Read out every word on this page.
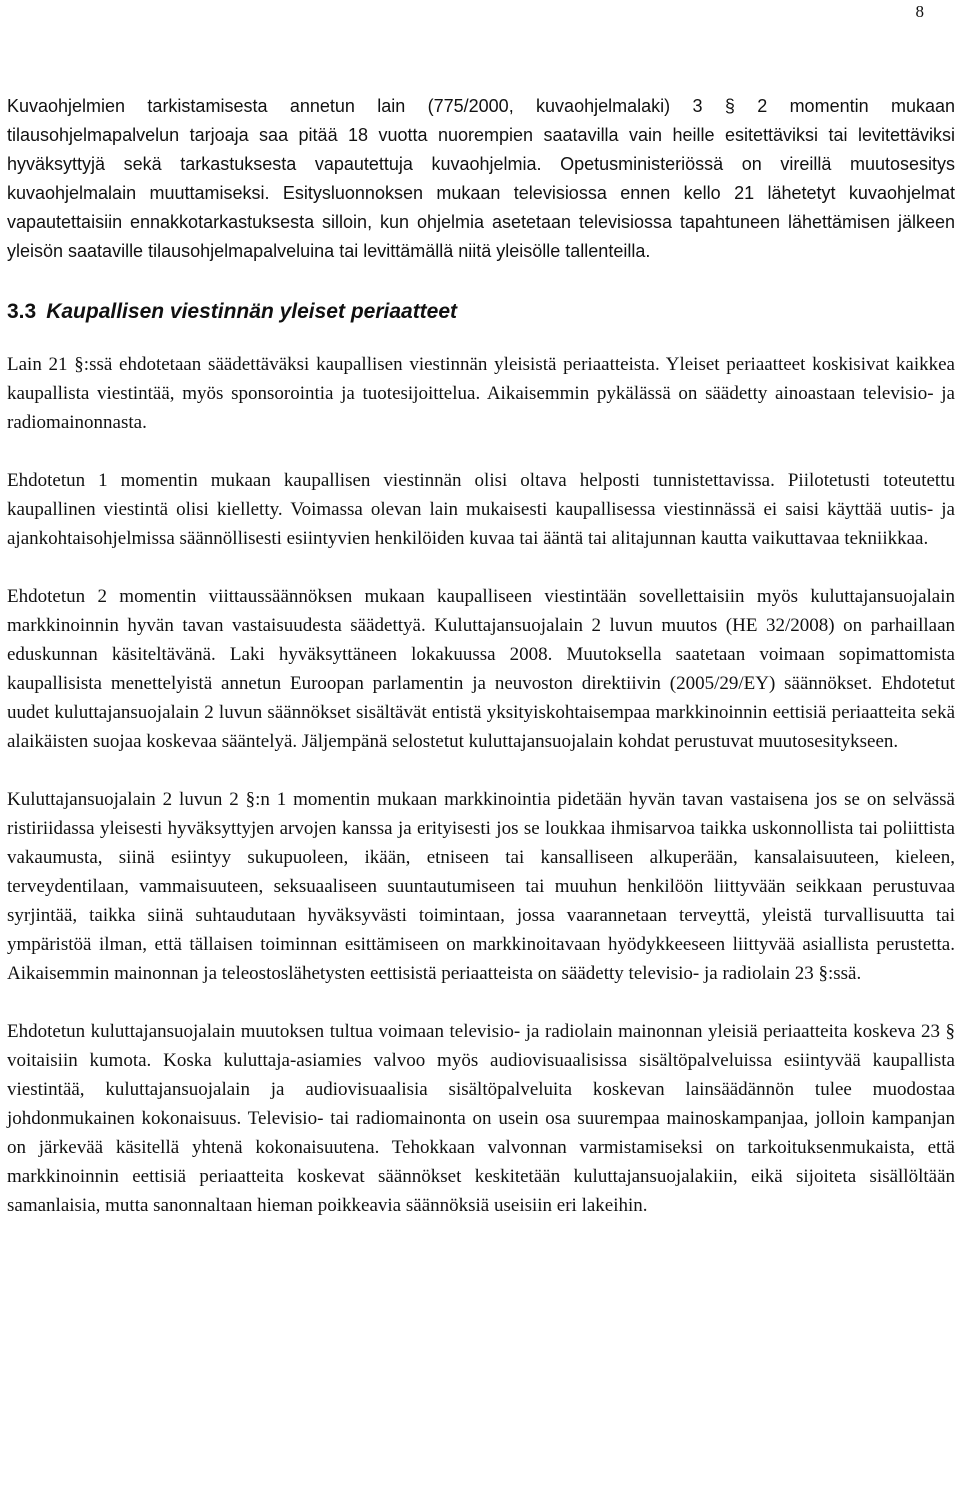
8

Kuvaohjelmien tarkistamisesta annetun lain (775/2000, kuvaohjelmalaki) 3 § 2 momentin mukaan tilausohjelmapalvelun tarjoaja saa pitää 18 vuotta nuorempien saatavilla vain heille esitettäviksi tai levitettäviksi hyväksyttyjä sekä tarkastuksesta vapautettuja kuvaohjelmia. Opetusministeriössä on vireillä muutosesitys kuvaohjelmalain muuttamiseksi. Esitysluonnoksen mukaan televisiossa ennen kello 21 lähetetyt kuvaohjelmat vapautettaisiin ennakkotarkastuksesta silloin, kun ohjelmia asetetaan televisiossa tapahtuneen lähettämisen jälkeen yleisön saataville tilausohjelmapalveluina tai levittämällä niitä yleisölle tallenteilla.

3.3 Kaupallisen viestinnän yleiset periaatteet

Lain 21 §:ssä ehdotetaan säädettäväksi kaupallisen viestinnän yleisistä periaatteista. Yleiset periaatteet koskisivat kaikkea kaupallista viestintää, myös sponsorointia ja tuotesijoittelua. Aikaisemmin pykälässä on säädetty ainoastaan televisio- ja radiomainonnasta.

Ehdotetun 1 momentin mukaan kaupallisen viestinnän olisi oltava helposti tunnistettavissa. Piilotetusti toteutettu kaupallinen viestintä olisi kielletty. Voimassa olevan lain mukaisesti kaupallisessa viestinnässä ei saisi käyttää uutis- ja ajankohtaisohjelmissa säännöllisesti esiintyvien henkilöiden kuvaa tai ääntä tai alitajunnan kautta vaikuttavaa tekniikkaa.

Ehdotetun 2 momentin viittaussäännöksen mukaan kaupalliseen viestintään sovellettaisiin myös kuluttajansuojalain markkinoinnin hyvän tavan vastaisuudesta säädettyä. Kuluttajansuojalain 2 luvun muutos (HE 32/2008) on parhaillaan eduskunnan käsiteltävänä. Laki hyväksyttäneen lokakuussa 2008. Muutoksella saatetaan voimaan sopimattomista kaupallisista menettelyistä annetun Euroopan parlamentin ja neuvoston direktiivin (2005/29/EY) säännökset. Ehdotetut uudet kuluttajansuojalain 2 luvun säännökset sisältävät entistä yksityiskohtaisempaa markkinoinnin eettisiä periaatteita sekä alaikäisten suojaa koskevaa sääntelyä. Jäljempänä selostetut kuluttajansuojalain kohdat perustuvat muutosesitykseen.

Kuluttajansuojalain 2 luvun 2 §:n 1 momentin mukaan markkinointia pidetään hyvän tavan vastaisena jos se on selvässä ristiriidassa yleisesti hyväksyttyjen arvojen kanssa ja erityisesti jos se loukkaa ihmisarvoa taikka uskonnollista tai poliittista vakaumusta, siinä esiintyy sukupuoleen, ikään, etniseen tai kansalliseen alkuperään, kansalaisuuteen, kieleen, terveydentilaan, vammaisuuteen, seksuaaliseen suuntautumiseen tai muuhun henkilöön liittyvään seikkaan perustuvaa syrjintää, taikka siinä suhtaudutaan hyväksyvästi toimintaan, jossa vaarannetaan terveyttä, yleistä turvallisuutta tai ympäristöä ilman, että tällaisen toiminnan esittämiseen on markkinoitavaan hyödykkeeseen liittyvää asiallista perustetta. Aikaisemmin mainonnan ja teleostoslähetysten eettisistä periaatteista on säädetty televisio- ja radiolain 23 §:ssä.

Ehdotetun kuluttajansuojalain muutoksen tultua voimaan televisio- ja radiolain mainonnan yleisiä periaatteita koskeva 23 § voitaisiin kumota. Koska kuluttaja-asiamies valvoo myös audiovisuaalisissa sisältöpalveluissa esiintyvää kaupallista viestintää, kuluttajansuojalain ja audiovisuaalisia sisältöpalveluita koskevan lainsäädännön tulee muodostaa johdonmukainen kokonaisuus. Televisio- tai radiomainonta on usein osa suurempaa mainoskampanjaa, jolloin kampanjan on järkevää käsitellä yhtenä kokonaisuutena. Tehokkaan valvonnan varmistamiseksi on tarkoituksenmukaista, että markkinoinnin eettisiä periaatteita koskevat säännökset keskitetään kuluttajansuojalakiin, eikä sijoiteta sisällöltään samanlaisia, mutta sanonnaltaan hieman poikkeavia säännöksiä useisiin eri lakeihin.
